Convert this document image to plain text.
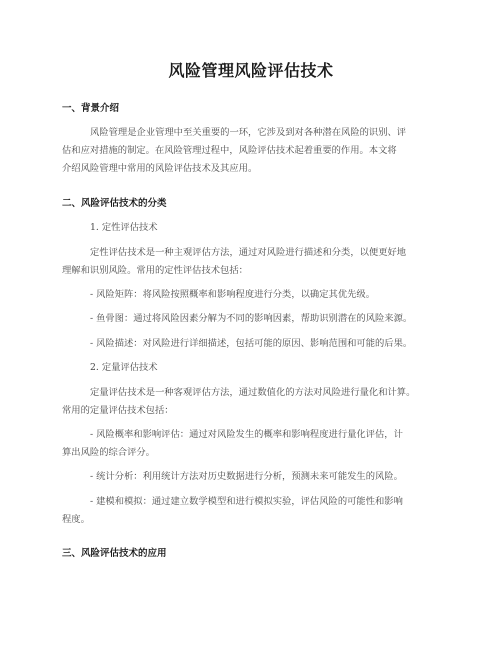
风险管理风险评估技术
一、背景介绍
风险管理是企业管理中至关重要的一环，它涉及到对各种潜在风险的识别、评
估和应对措施的制定。在风险管理过程中，风险评估技术起着重要的作用。本文将
介绍风险管理中常用的风险评估技术及其应用。
二、风险评估技术的分类
1. 定性评估技术
定性评估技术是一种主观评估方法，通过对风险进行描述和分类，以便更好地
理解和识别风险。常用的定性评估技术包括：
- 风险矩阵：将风险按照概率和影响程度进行分类，以确定其优先级。
- 鱼骨图：通过将风险因素分解为不同的影响因素，帮助识别潜在的风险来源。
- 风险描述：对风险进行详细描述，包括可能的原因、影响范围和可能的后果。
2. 定量评估技术
定量评估技术是一种客观评估方法，通过数值化的方法对风险进行量化和计算。
常用的定量评估技术包括：
- 风险概率和影响评估：通过对风险发生的概率和影响程度进行量化评估，计
算出风险的综合评分。
- 统计分析：利用统计方法对历史数据进行分析，预测未来可能发生的风险。
- 建模和模拟：通过建立数学模型和进行模拟实验，评估风险的可能性和影响
程度。
三、风险评估技术的应用
